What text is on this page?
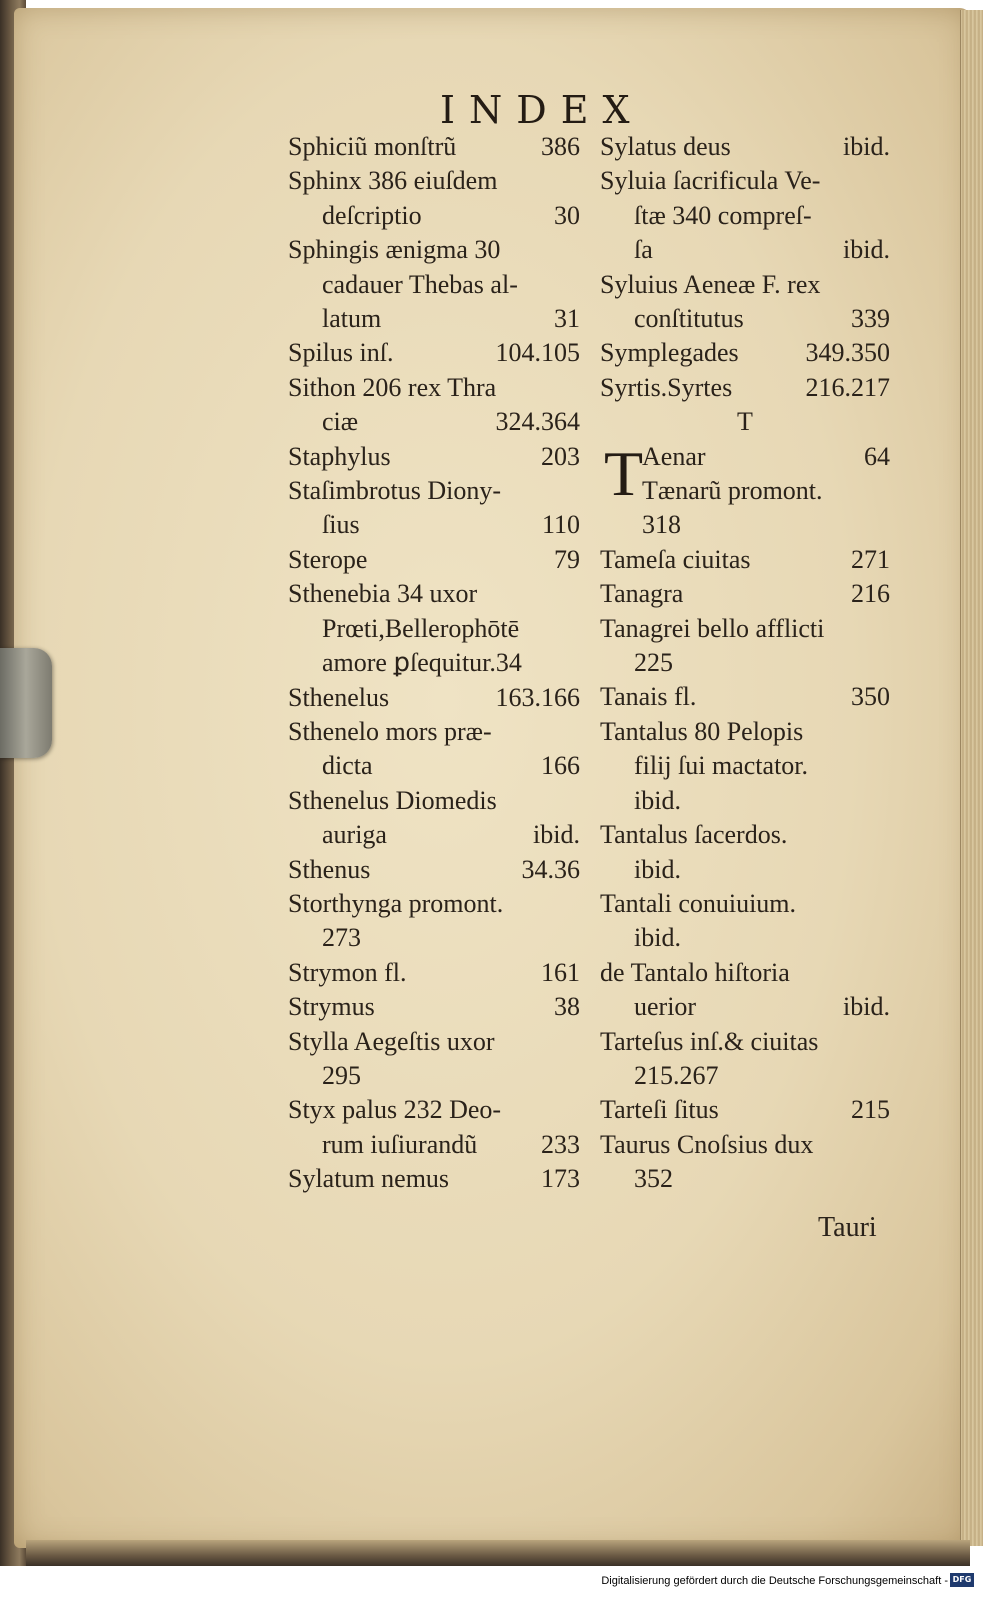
INDEX
Sphiciũ monſtrũ	386
Sphinx 386 eiuſdem
deſcriptio	30
Sphingis ænigma 30
cadauer Thebas al-
latum	31
Spilus inſ.	104.105
Sithon 206 rex Thra
ciæ	324.364
Staphylus	203
Staſimbrotus Diony-
ſius	110
Sterope	79
Sthenebia 34 uxor
Prœti,Bellerophōtē
amore ꝑſequitur.34
Sthenelus	163.166
Sthenelo mors præ-
dicta	166
Sthenelus Diomedis
auriga	ibid.
Sthenus	34.36
Storthynga promont.
273
Strymon fl.	161
Strymus	38
Stylla Aegeſtis uxor
295
Styx palus 232 Deo-
rum iuſiurandũ 233
Sylatum nemus	173
Sylatus deus	ibid.
Syluia ſacrificula Ve-
ſtæ 340 compreſ-
ſa	ibid.
Syluius Aeneæ F. rex
conſtitutus	339
Symplegades	349.350
Syrtis.Syrtes	216.217
T
T
Aenar	64
Tænarũ promont.
318
Tameſa ciuitas	271
Tanagra	216
Tanagrei bello afflicti
225
Tanais fl.	350
Tantalus 80 Pelopis
filij ſui mactator.
ibid.
Tantalus ſacerdos.
ibid.
Tantali conuiuium.
ibid.
de Tantalo hiſtoria
uerior	ibid.
Tarteſus inſ.& ciuitas
215.267
Tarteſi ſitus	215
Taurus Cnoſsius dux
352
Tauri
Digitalisierung gefördert durch die Deutsche Forschungsgemeinschaft - DFG
